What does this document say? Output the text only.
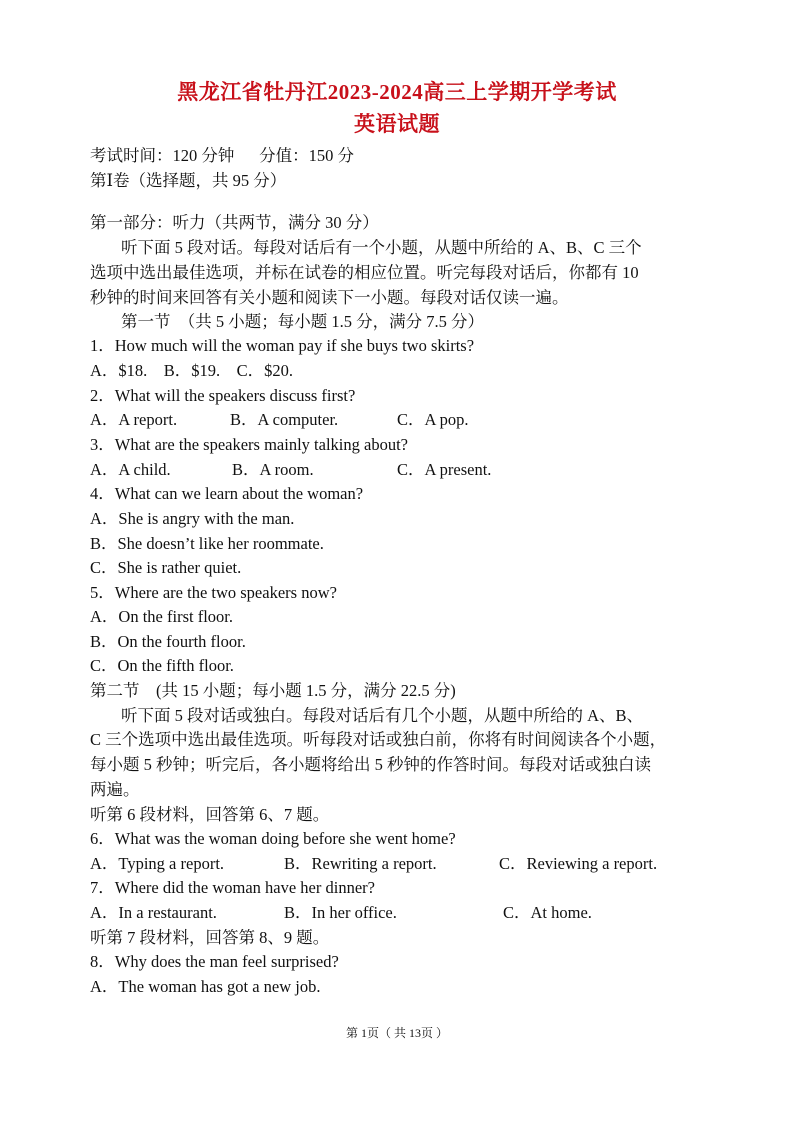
黑龙江省牡丹江2023-2024高三上学期开学考试
英语试题
考试时间：120 分钟 　 分值：150 分
第Ⅰ卷（选择题，共 95 分）
第一部分：听力（共两节，满分 30 分）
听下面 5 段对话。每段对话后有一个小题，从题中所给的 A、B、C 三个
选项中选出最佳选项，并标在试卷的相应位置。听完每段对话后，你都有 10
秒钟的时间来回答有关小题和阅读下一小题。每段对话仅读一遍。
第一节　（共 5 小题；每小题 1.5 分，满分 7.5 分）
1．How much will the woman pay if she buys two skirts?
A．$18.　B．$19.　C．$20.
2．What will the speakers discuss first?
A．A report.	B．A computer.	C．A pop.
3．What are the speakers mainly talking about?
A．A child.	B．A room.	C．A present.
4．What can we learn about the woman?
A．She is angry with the man.
B．She doesn’t like her roommate.
C．She is rather quiet.
5．Where are the two speakers now?
A．On the first floor.
B．On the fourth floor.
C．On the fifth floor.
第二节　(共 15 小题；每小题 1.5 分，满分 22.5 分)
听下面 5 段对话或独白。每段对话后有几个小题，从题中所给的 A、B、
C 三个选项中选出最佳选项。听每段对话或独白前，你将有时间阅读各个小题，
每小题 5 秒钟；听完后，各小题将给出 5 秒钟的作答时间。每段对话或独白读
两遍。
听第 6 段材料，回答第 6、7 题。
6．What was the woman doing before she went home?
A．Typing a report.	B．Rewriting a report.	C．Reviewing a report.
7．Where did the woman have her dinner?
A．In a restaurant.	B．In her office.	C．At home.
听第 7 段材料，回答第 8、9 题。
8．Why does the man feel surprised?
A．The woman has got a new job.
第 1页（ 共 13页 ）
